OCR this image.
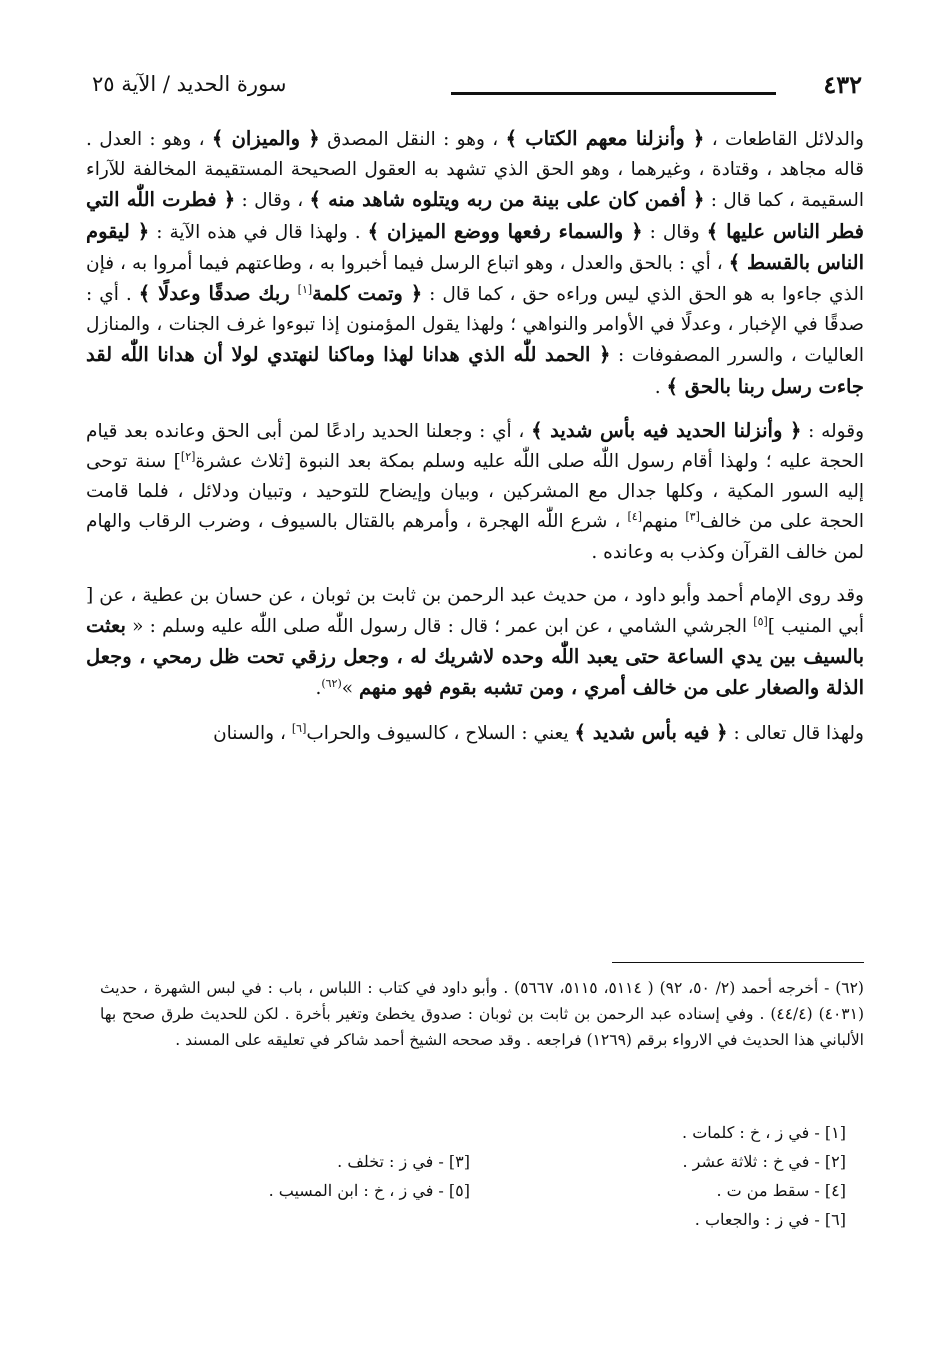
٤٣٢
سورة الحديد / الآية ٢٥

والدلائل القاطعات ، ﴿ وأنزلنا معهم الكتاب ﴾ ، وهو : النقل المصدق ﴿ والميزان ﴾ ، وهو : العدل . قاله مجاهد ، وقتادة ، وغيرهما ، وهو الحق الذي تشهد به العقول الصحيحة المستقيمة المخالفة للآراء السقيمة ، كما قال : ﴿ أفمن كان على بينة من ربه ويتلوه شاهد منه ﴾ ، وقال : ﴿ فطرت اللّٰه التي فطر الناس عليها ﴾ وقال : ﴿ والسماء رفعها ووضع الميزان ﴾ . ولهذا قال في هذه الآية : ﴿ ليقوم الناس بالقسط ﴾ ، أي : بالحق والعدل ، وهو اتباع الرسل فيما أخبروا به ، وطاعتهم فيما أمروا به ، فإن الذي جاءوا به هو الحق الذي ليس وراءه حق ، كما قال : ﴿ وتمت كلمة[١] ربك صدقًا وعدلًا ﴾ . أي : صدقًا في الإخبار ، وعدلًا في الأوامر والنواهي ؛ ولهذا يقول المؤمنون إذا تبوءوا غرف الجنات ، والمنازل العاليات ، والسرر المصفوفات : ﴿ الحمد للّٰه الذي هدانا لهذا وماكنا لنهتدي لولا أن هدانا اللّٰه لقد جاءت رسل ربنا بالحق ﴾ .

وقوله : ﴿ وأنزلنا الحديد فيه بأس شديد ﴾ ، أي : وجعلنا الحديد رادعًا لمن أبى الحق وعانده بعد قيام الحجة عليه ؛ ولهذا أقام رسول اللّٰه صلى اللّٰه عليه وسلم بمكة بعد النبوة [ثلاث عشرة[٢]] سنة توحى إليه السور المكية ، وكلها جدال مع المشركين ، وبيان وإيضاح للتوحيد ، وتبيان ودلائل ، فلما قامت الحجة على من خالف[٣] منهم[٤] ، شرع اللّٰه الهجرة ، وأمرهم بالقتال بالسيوف ، وضرب الرقاب والهام لمن خالف القرآن وكذب به وعانده .

وقد روى الإمام أحمد وأبو داود ، من حديث عبد الرحمن بن ثابت بن ثوبان ، عن حسان بن عطية ، عن [ أبي المنيب ][٥] الجرشي الشامي ، عن ابن عمر ؛ قال : قال رسول اللّٰه صلى اللّٰه عليه وسلم : « بعثت بالسيف بين يدي الساعة حتى يعبد اللّٰه وحده لاشريك له ، وجعل رزقي تحت ظل رمحي ، وجعل الذلة والصغار على من خالف أمري ، ومن تشبه بقوم فهو منهم »$^{(٦٢)}$.

ولهذا قال تعالى : ﴿ فيه بأس شديد ﴾ يعني : السلاح ، كالسيوف والحراب[٦] ، والسنان

(٦٢) - أخرجه أحمد (٢/ ٥٠، ٩٢) ( ٥١١٤، ٥١١٥، ٥٦٦٧) . وأبو داود في كتاب : اللباس ، باب : في لبس الشهرة ، حديث (٤٠٣١) (٤٤/٤) . وفي إسناده عبد الرحمن بن ثابت بن ثوبان : صدوق يخطئ وتغير بأخرة . لكن للحديث طرق صحح بها الألباني هذا الحديث في الارواء برقم (١٢٦٩) فراجعه . وقد صححه الشيخ أحمد شاكر في تعليقه على المسند .

[١] - في ز ، خ : كلمات .
[٢] - في خ : ثلاثة عشر .
[٤] - سقط من ت .
[٦] - في ز : والجعاب .
[٣] - في ز : تخلف .
[٥] - في ز ، خ : ابن المسيب .
